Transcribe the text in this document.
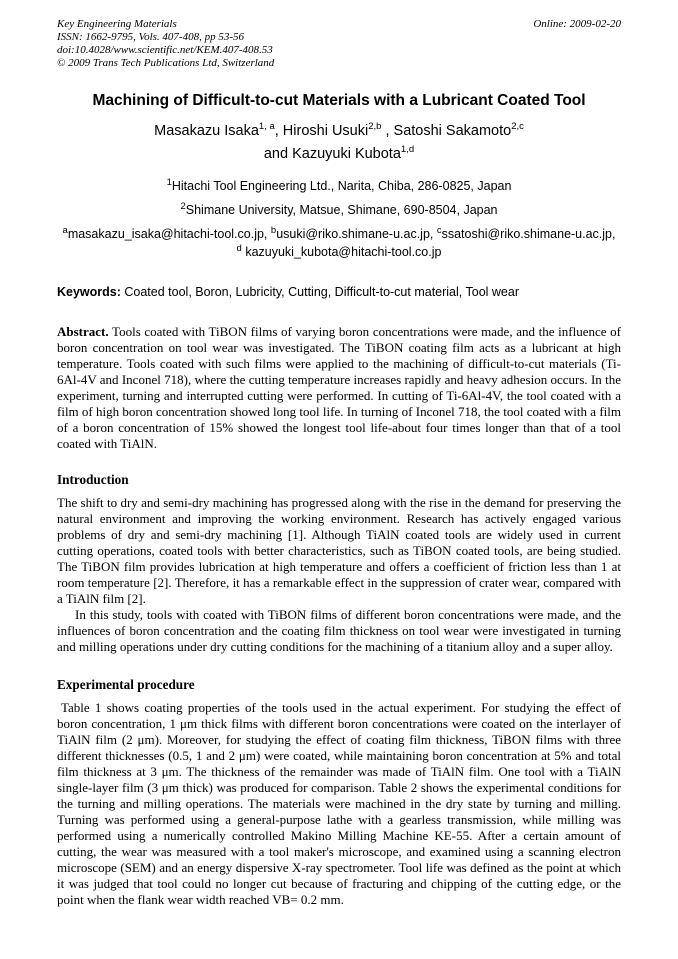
Key Engineering Materials
ISSN: 1662-9795, Vols. 407-408, pp 53-56
doi:10.4028/www.scientific.net/KEM.407-408.53
© 2009 Trans Tech Publications Ltd, Switzerland
Online: 2009-02-20
Machining of Difficult-to-cut Materials with a Lubricant Coated Tool
Masakazu Isaka$^{1, a}$, Hiroshi Usuki$^{2,b}$ , Satoshi Sakamoto$^{2,c}$
and Kazuyuki Kubota$^{1,d}$
$^1$Hitachi Tool Engineering Ltd., Narita, Chiba, 286-0825, Japan
$^2$Shimane University, Matsue, Shimane, 690-8504, Japan
$^a$masakazu_isaka@hitachi-tool.co.jp, $^b$usuki@riko.shimane-u.ac.jp, $^c$ssatoshi@riko.shimane-u.ac.jp,
$^d$ kazuyuki_kubota@hitachi-tool.co.jp
Keywords: Coated tool, Boron, Lubricity, Cutting, Difficult-to-cut material, Tool wear
Abstract. Tools coated with TiBON films of varying boron concentrations were made, and the influence of boron concentration on tool wear was investigated. The TiBON coating film acts as a lubricant at high temperature. Tools coated with such films were applied to the machining of difficult-to-cut materials (Ti-6Al-4V and Inconel 718), where the cutting temperature increases rapidly and heavy adhesion occurs. In the experiment, turning and interrupted cutting were performed. In cutting of Ti-6Al-4V, the tool coated with a film of high boron concentration showed long tool life. In turning of Inconel 718, the tool coated with a film of a boron concentration of 15% showed the longest tool life-about four times longer than that of a tool coated with TiAlN.
Introduction
The shift to dry and semi-dry machining has progressed along with the rise in the demand for preserving the natural environment and improving the working environment. Research has actively engaged various problems of dry and semi-dry machining [1]. Although TiAlN coated tools are widely used in current cutting operations, coated tools with better characteristics, such as TiBON coated tools, are being studied. The TiBON film provides lubrication at high temperature and offers a coefficient of friction less than 1 at room temperature [2]. Therefore, it has a remarkable effect in the suppression of crater wear, compared with a TiAlN film [2].
In this study, tools with coated with TiBON films of different boron concentrations were made, and the influences of boron concentration and the coating film thickness on tool wear were investigated in turning and milling operations under dry cutting conditions for the machining of a titanium alloy and a super alloy.
Experimental procedure
Table 1 shows coating properties of the tools used in the actual experiment. For studying the effect of boron concentration, 1 μm thick films with different boron concentrations were coated on the interlayer of TiAlN film (2 μm). Moreover, for studying the effect of coating film thickness, TiBON films with three different thicknesses (0.5, 1 and 2 μm) were coated, while maintaining boron concentration at 5% and total film thickness at 3 μm. The thickness of the remainder was made of TiAlN film. One tool with a TiAlN single-layer film (3 μm thick) was produced for comparison. Table 2 shows the experimental conditions for the turning and milling operations. The materials were machined in the dry state by turning and milling. Turning was performed using a general-purpose lathe with a gearless transmission, while milling was performed using a numerically controlled Makino Milling Machine KE-55. After a certain amount of cutting, the wear was measured with a tool maker's microscope, and examined using a scanning electron microscope (SEM) and an energy dispersive X-ray spectrometer. Tool life was defined as the point at which it was judged that tool could no longer cut because of fracturing and chipping of the cutting edge, or the point when the flank wear width reached VB= 0.2 mm.
